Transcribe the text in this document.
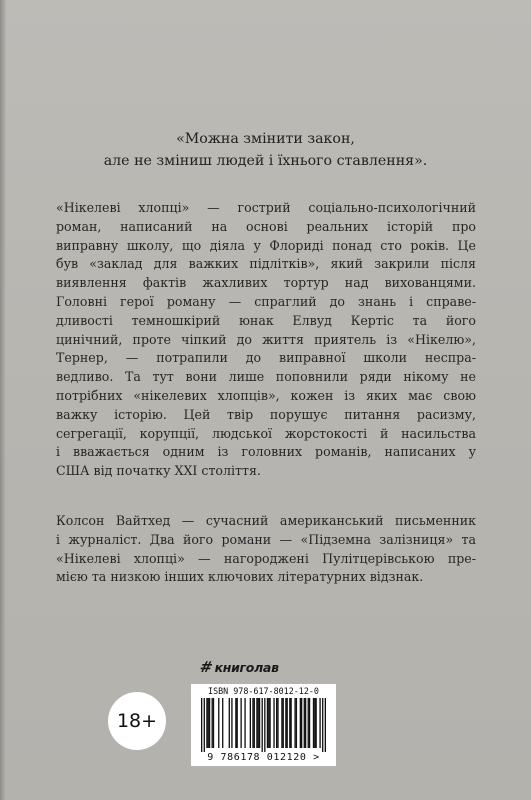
«Можна змінити закон,
але не зміниш людей і їхнього ставлення».
«Нікелеві хлопці» — гострий соціально-психологічний
роман, написаний на основі реальних історій про
виправну школу, що діяла у Флориді понад сто років. Це
був «заклад для важких підлітків», який закрили після
виявлення фактів жахливих тортур над вихованцями.
Головні герої роману — спраглий до знань і справе-
дливості темношкірий юнак Елвуд Кертіс та його
цинічний, проте чіпкий до життя приятель із «Нікелю»,
Тернер, — потрапили до виправної школи неспра-
ведливо. Та тут вони лише поповнили ряди нікому не
потрібних «нікелевих хлопців», кожен із яких має свою
важку історію. Цей твір порушує питання расизму,
сегрегації, корупції, людської жорстокості й насильства
і вважається одним із головних романів, написаних у
США від початку XXI століття.
Колсон Вайтхед — сучасний американський письменник
і журналіст. Два його романи — «Підземна залізниця» та
«Нікелеві хлопці» — нагороджені Пулітцерівською пре-
мією та низкою інших ключових літературних відзнак.
# книголав
18+
ISBN 978-617-8012-12-0
9 786178 012120 >
